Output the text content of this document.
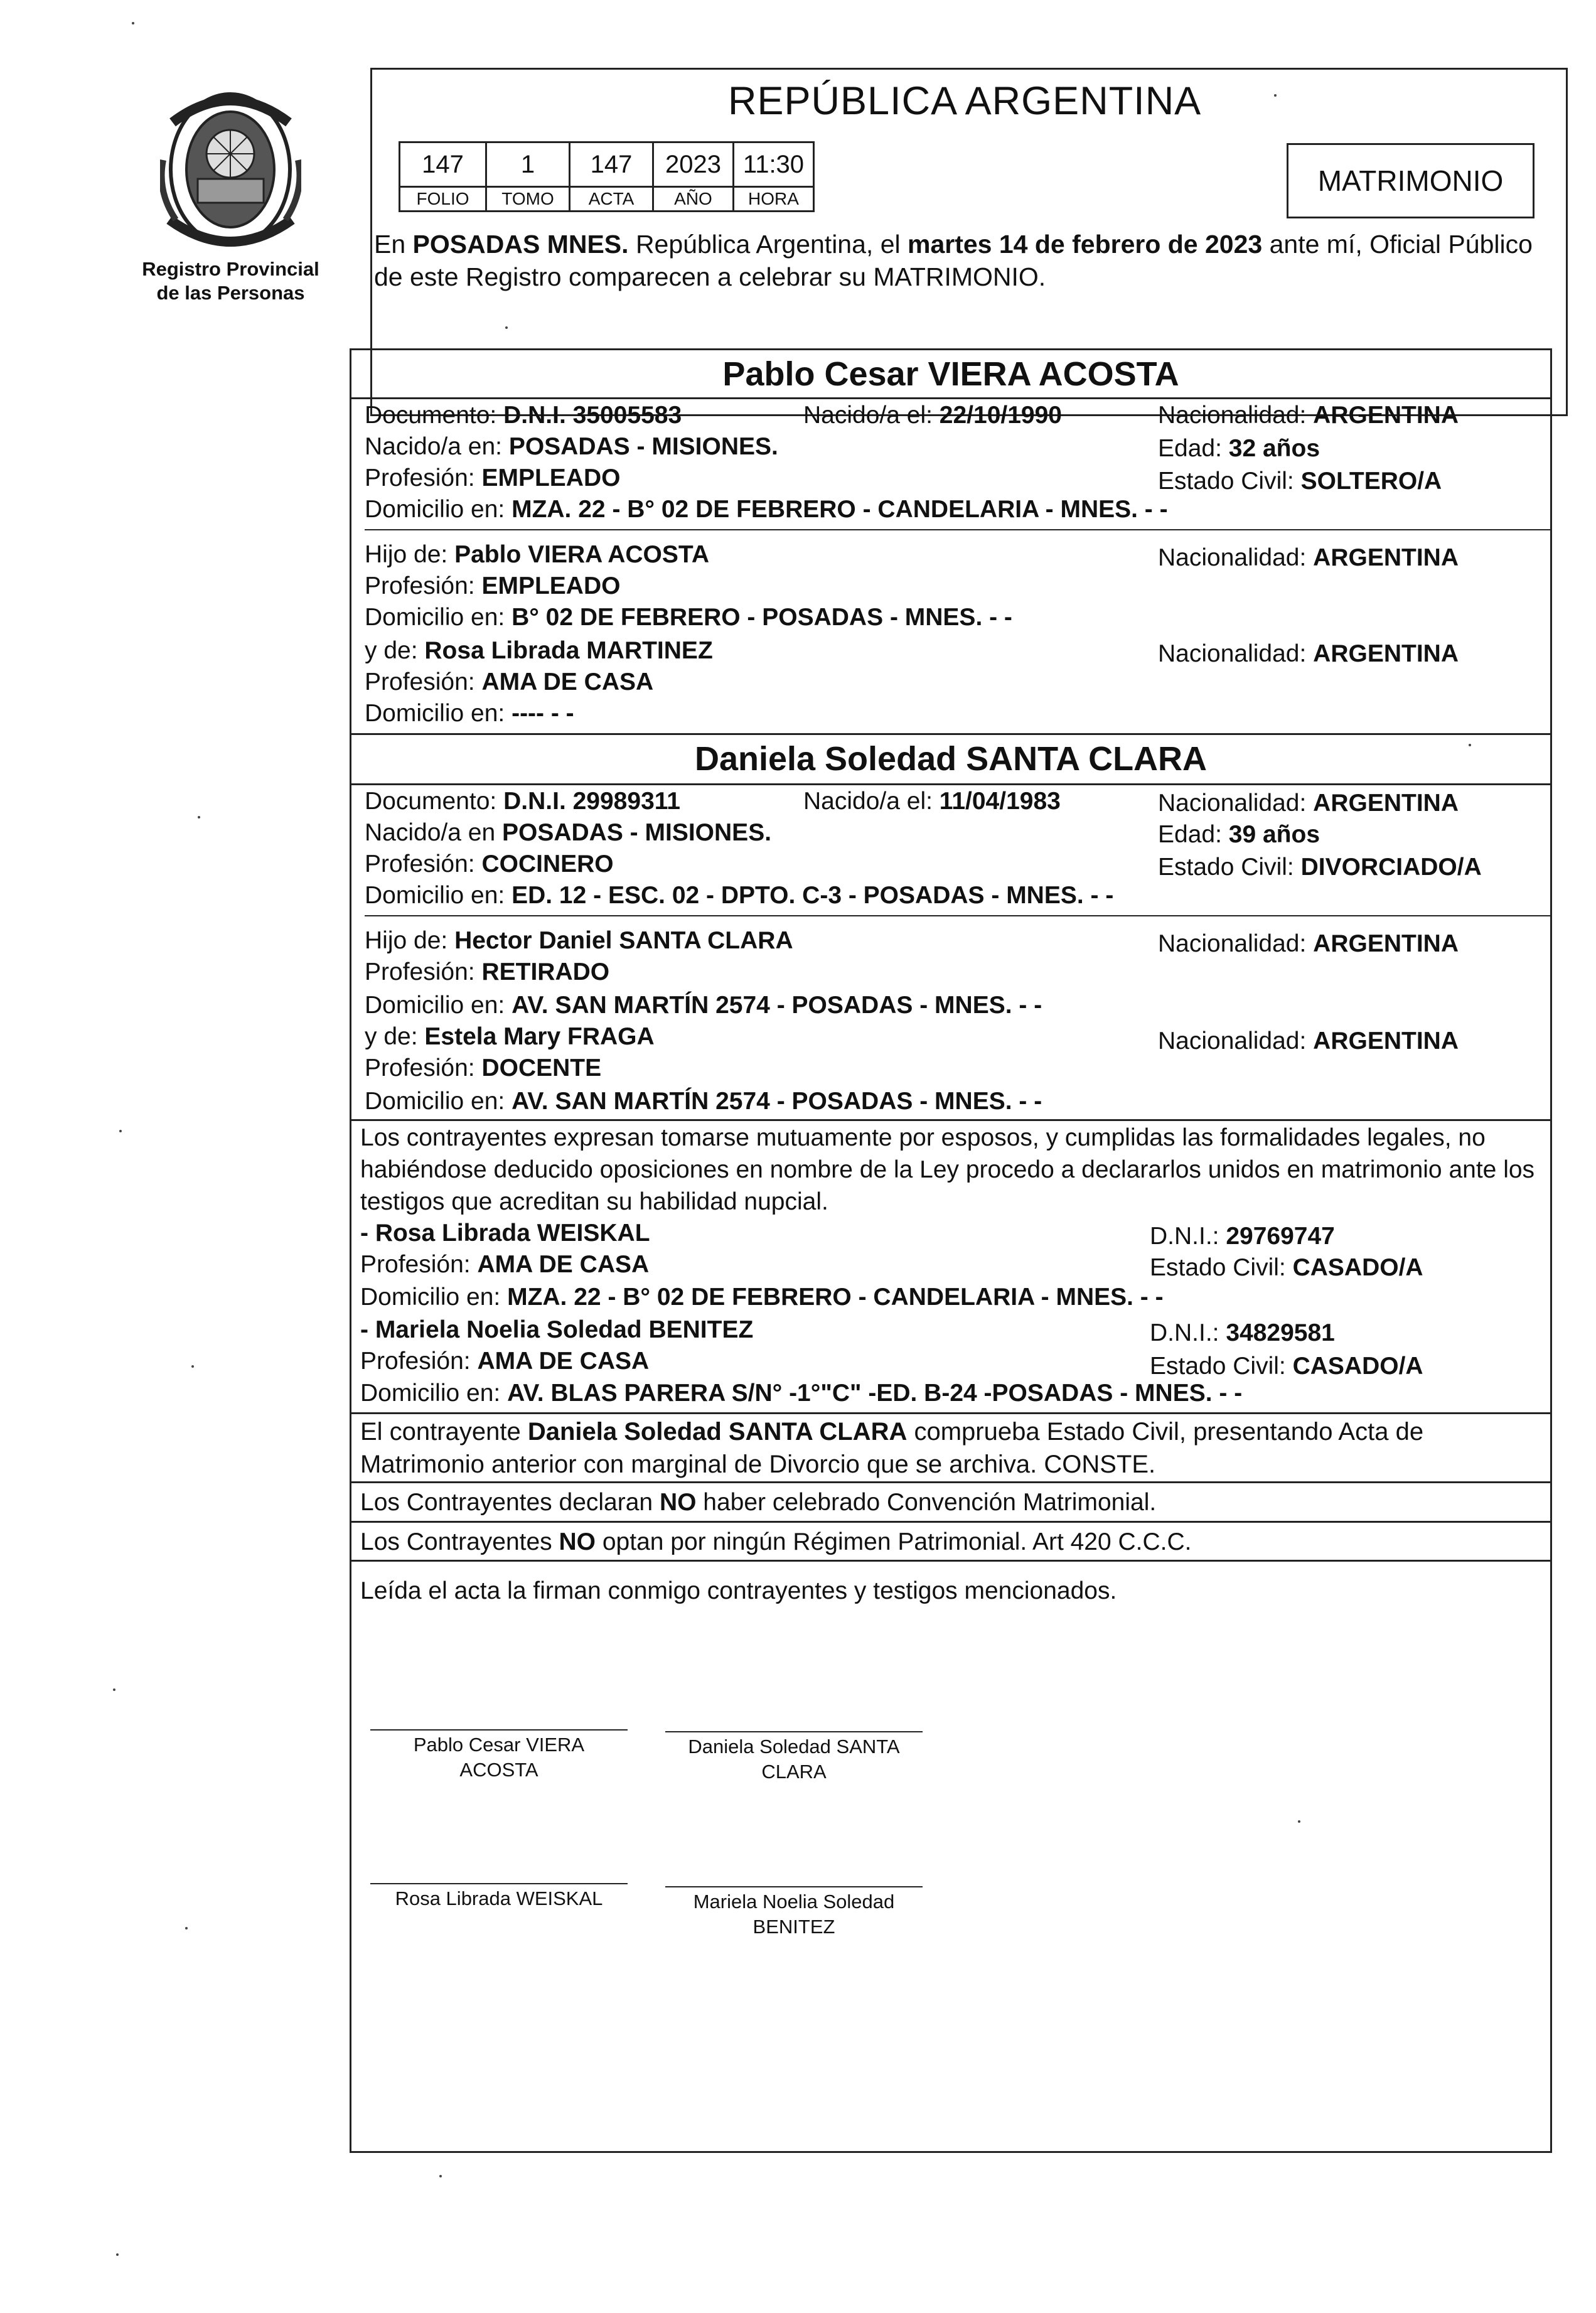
Registro Provincial de las Personas
REPÚBLICA ARGENTINA
147	1	147	2023	11:30
FOLIO	TOMO	ACTA	AÑO	HORA
MATRIMONIO
En POSADAS MNES. República Argentina, el martes 14 de febrero de 2023 ante mí, Oficial Público de este Registro comparecen a celebrar su MATRIMONIO.
Pablo Cesar VIERA ACOSTA
Documento: D.N.I. 35005583	Nacido/a el: 22/10/1990	Nacionalidad: ARGENTINA
Nacido/a en: POSADAS - MISIONES.	Edad: 32 años
Profesión: EMPLEADO	Estado Civil: SOLTERO/A
Domicilio en: MZA. 22 - B° 02 DE FEBRERO - CANDELARIA - MNES. - -
Hijo de: Pablo VIERA ACOSTA	Nacionalidad: ARGENTINA
Profesión: EMPLEADO
Domicilio en: B° 02 DE FEBRERO - POSADAS - MNES. - -
y de: Rosa Librada MARTINEZ	Nacionalidad: ARGENTINA
Profesión: AMA DE CASA
Domicilio en: ---- - -
Daniela Soledad SANTA CLARA
Documento: D.N.I. 29989311	Nacido/a el: 11/04/1983	Nacionalidad: ARGENTINA
Nacido/a en POSADAS - MISIONES.	Edad: 39 años
Profesión: COCINERO	Estado Civil: DIVORCIADO/A
Domicilio en: ED. 12 - ESC. 02 - DPTO. C-3 - POSADAS - MNES. - -
Hijo de: Hector Daniel SANTA CLARA	Nacionalidad: ARGENTINA
Profesión: RETIRADO
Domicilio en: AV. SAN MARTÍN 2574 - POSADAS - MNES. - -
y de: Estela Mary FRAGA	Nacionalidad: ARGENTINA
Profesión: DOCENTE
Domicilio en: AV. SAN MARTÍN 2574 - POSADAS - MNES. - -
Los contrayentes expresan tomarse mutuamente por esposos, y cumplidas las formalidades legales, no habiéndose deducido oposiciones en nombre de la Ley procedo a declararlos unidos en matrimonio ante los testigos que acreditan su habilidad nupcial.
- Rosa Librada WEISKAL	D.N.I.: 29769747
Profesión: AMA DE CASA	Estado Civil: CASADO/A
Domicilio en: MZA. 22 - B° 02 DE FEBRERO - CANDELARIA - MNES. - -
- Mariela Noelia Soledad BENITEZ	D.N.I.: 34829581
Profesión: AMA DE CASA	Estado Civil: CASADO/A
Domicilio en: AV. BLAS PARERA S/N° -1°"C" -ED. B-24 -POSADAS - MNES. - -
El contrayente Daniela Soledad SANTA CLARA comprueba Estado Civil, presentando Acta de Matrimonio anterior con marginal de Divorcio que se archiva. CONSTE.
Los Contrayentes declaran NO haber celebrado Convención Matrimonial.
Los Contrayentes NO optan por ningún Régimen Patrimonial. Art 420 C.C.C.
Leída el acta la firman conmigo contrayentes y testigos mencionados.
Pablo Cesar VIERA
ACOSTA
Daniela Soledad SANTA
CLARA
Rosa Librada WEISKAL	Mariela Noelia Soledad
BENITEZ
